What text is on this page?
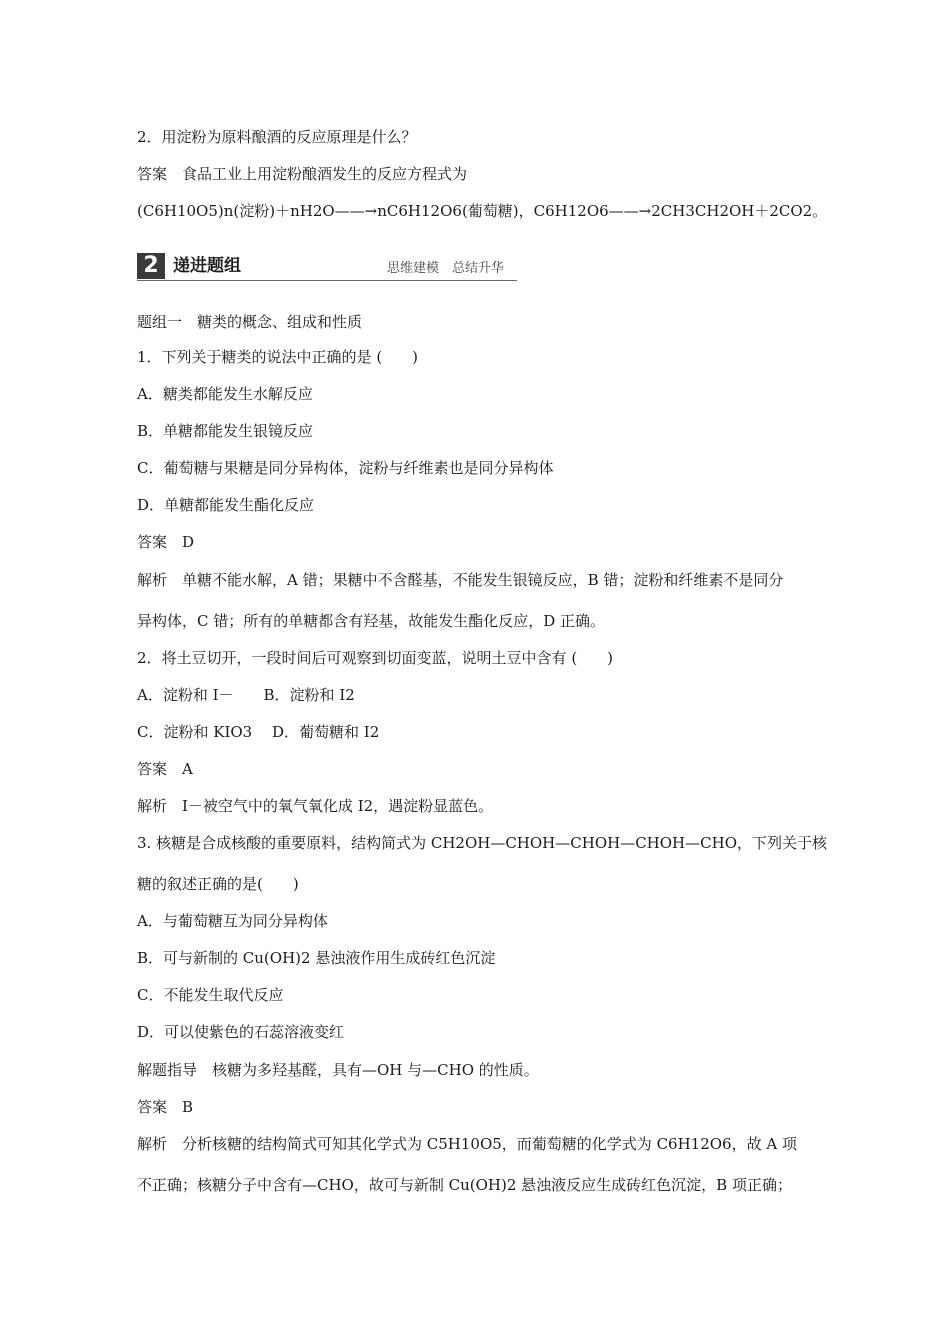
2．用淀粉为原料酿酒的反应原理是什么？
答案　食品工业上用淀粉酿酒发生的反应方程式为
(C6H10O5)n(淀粉)＋nH2O——→nC6H12O6(葡萄糖)，C6H12O6——→2CH3CH2OH＋2CO2。
2 递进题组	思维建模　总结升华
题组一　糖类的概念、组成和性质
1．下列关于糖类的说法中正确的是 (　　)
A．糖类都能发生水解反应
B．单糖都能发生银镜反应
C．葡萄糖与果糖是同分异构体，淀粉与纤维素也是同分异构体
D．单糖都能发生酯化反应
答案　D
解析　单糖不能水解，A 错；果糖中不含醛基，不能发生银镜反应，B 错；淀粉和纤维素不是同分
异构体，C 错；所有的单糖都含有羟基，故能发生酯化反应，D 正确。
2．将土豆切开，一段时间后可观察到切面变蓝，说明土豆中含有 (　　)
A．淀粉和 I－　　B．淀粉和 I2
C．淀粉和 KIO3　 D．葡萄糖和 I2
答案　A
解析　I－被空气中的氧气氧化成 I2，遇淀粉显蓝色。
3. 核糖是合成核酸的重要原料，结构简式为 CH2OH—CHOH—CHOH—CHOH—CHO，下列关于核
糖的叙述正确的是(　　)
A．与葡萄糖互为同分异构体
B．可与新制的 Cu(OH)2 悬浊液作用生成砖红色沉淀
C．不能发生取代反应
D．可以使紫色的石蕊溶液变红
解题指导　核糖为多羟基醛，具有—OH 与—CHO 的性质。
答案　B
解析　分析核糖的结构简式可知其化学式为 C5H10O5，而葡萄糖的化学式为 C6H12O6，故 A 项
不正确；核糖分子中含有—CHO，故可与新制 Cu(OH)2 悬浊液反应生成砖红色沉淀，B 项正确；
